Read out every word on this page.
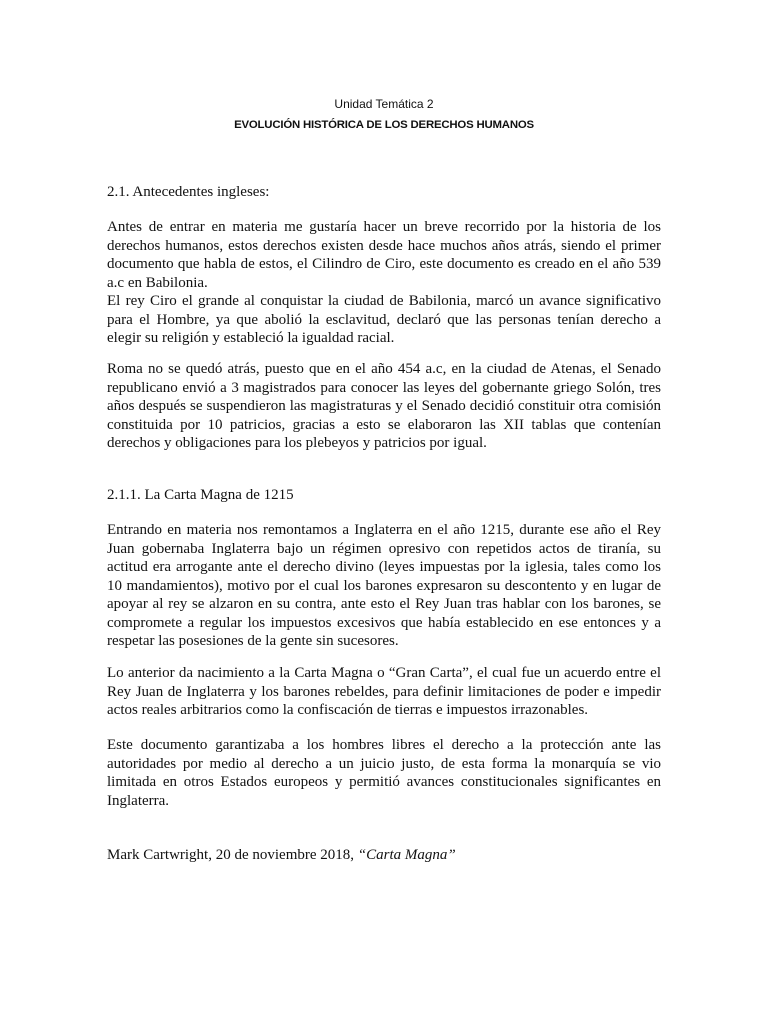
Unidad Temática 2
EVOLUCIÓN HISTÓRICA DE LOS DERECHOS HUMANOS

2.1. Antecedentes ingleses:

Antes de entrar en materia me gustaría hacer un breve recorrido por la historia de los derechos humanos, estos derechos existen desde hace muchos años atrás, siendo el primer documento que habla de estos, el Cilindro de Ciro, este documento es creado en el año 539 a.c en Babilonia.

El rey Ciro el grande al conquistar la ciudad de Babilonia, marcó un avance significativo para el Hombre, ya que abolió la esclavitud, declaró que las personas tenían derecho a elegir su religión y estableció la igualdad racial.

Roma no se quedó atrás, puesto que en el año 454 a.c, en la ciudad de Atenas, el Senado republicano envió a 3 magistrados para conocer las leyes del gobernante griego Solón, tres años después se suspendieron las magistraturas y el Senado decidió constituir otra comisión constituida por 10 patricios, gracias a esto se elaboraron las XII tablas que contenían derechos y obligaciones para los plebeyos y patricios por igual.

2.1.1. La Carta Magna de 1215

Entrando en materia nos remontamos a Inglaterra en el año 1215, durante ese año el Rey Juan gobernaba Inglaterra bajo un régimen opresivo con repetidos actos de tiranía, su actitud era arrogante ante el derecho divino (leyes impuestas por la iglesia, tales como los 10 mandamientos), motivo por el cual los barones expresaron su descontento y en lugar de apoyar al rey se alzaron en su contra, ante esto el Rey Juan tras hablar con los barones, se compromete a regular los impuestos excesivos que había establecido en ese entonces y a respetar las posesiones de la gente sin sucesores.

Lo anterior da nacimiento a la Carta Magna o “Gran Carta”, el cual fue un acuerdo entre el Rey Juan de Inglaterra y los barones rebeldes, para definir limitaciones de poder e impedir actos reales arbitrarios como la confiscación de tierras e impuestos irrazonables.

Este documento garantizaba a los hombres libres el derecho a la protección ante las autoridades por medio al derecho a un juicio justo, de esta forma la monarquía se vio limitada en otros Estados europeos y permitió avances constitucionales significantes en Inglaterra.

Mark Cartwright, 20 de noviembre 2018, “Carta Magna”
